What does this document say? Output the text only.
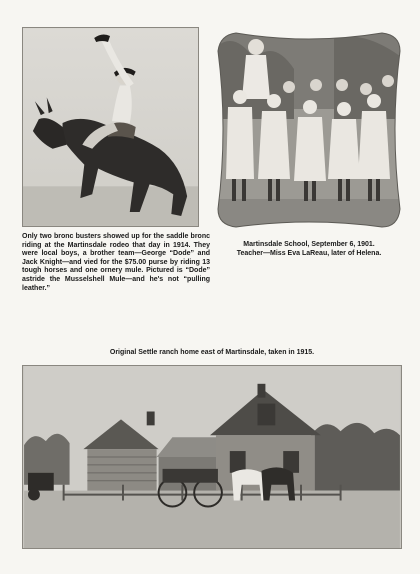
Only two bronc busters showed up for the saddle bronc riding at the Martinsdale rodeo that day in 1914. They were local boys, a brother team—George “Dode” and Jack Knight—and vied for the $75.00 purse by riding 13 tough horses and one ornery mule. Pictured is “Dode” astride the Musselshell Mule—and he's not “pulling leather.”

Martinsdale School, September 6, 1901.
Teacher—Miss Eva LaReau, later of Helena.

Original Settle ranch home east of Martinsdale, taken in 1915.
